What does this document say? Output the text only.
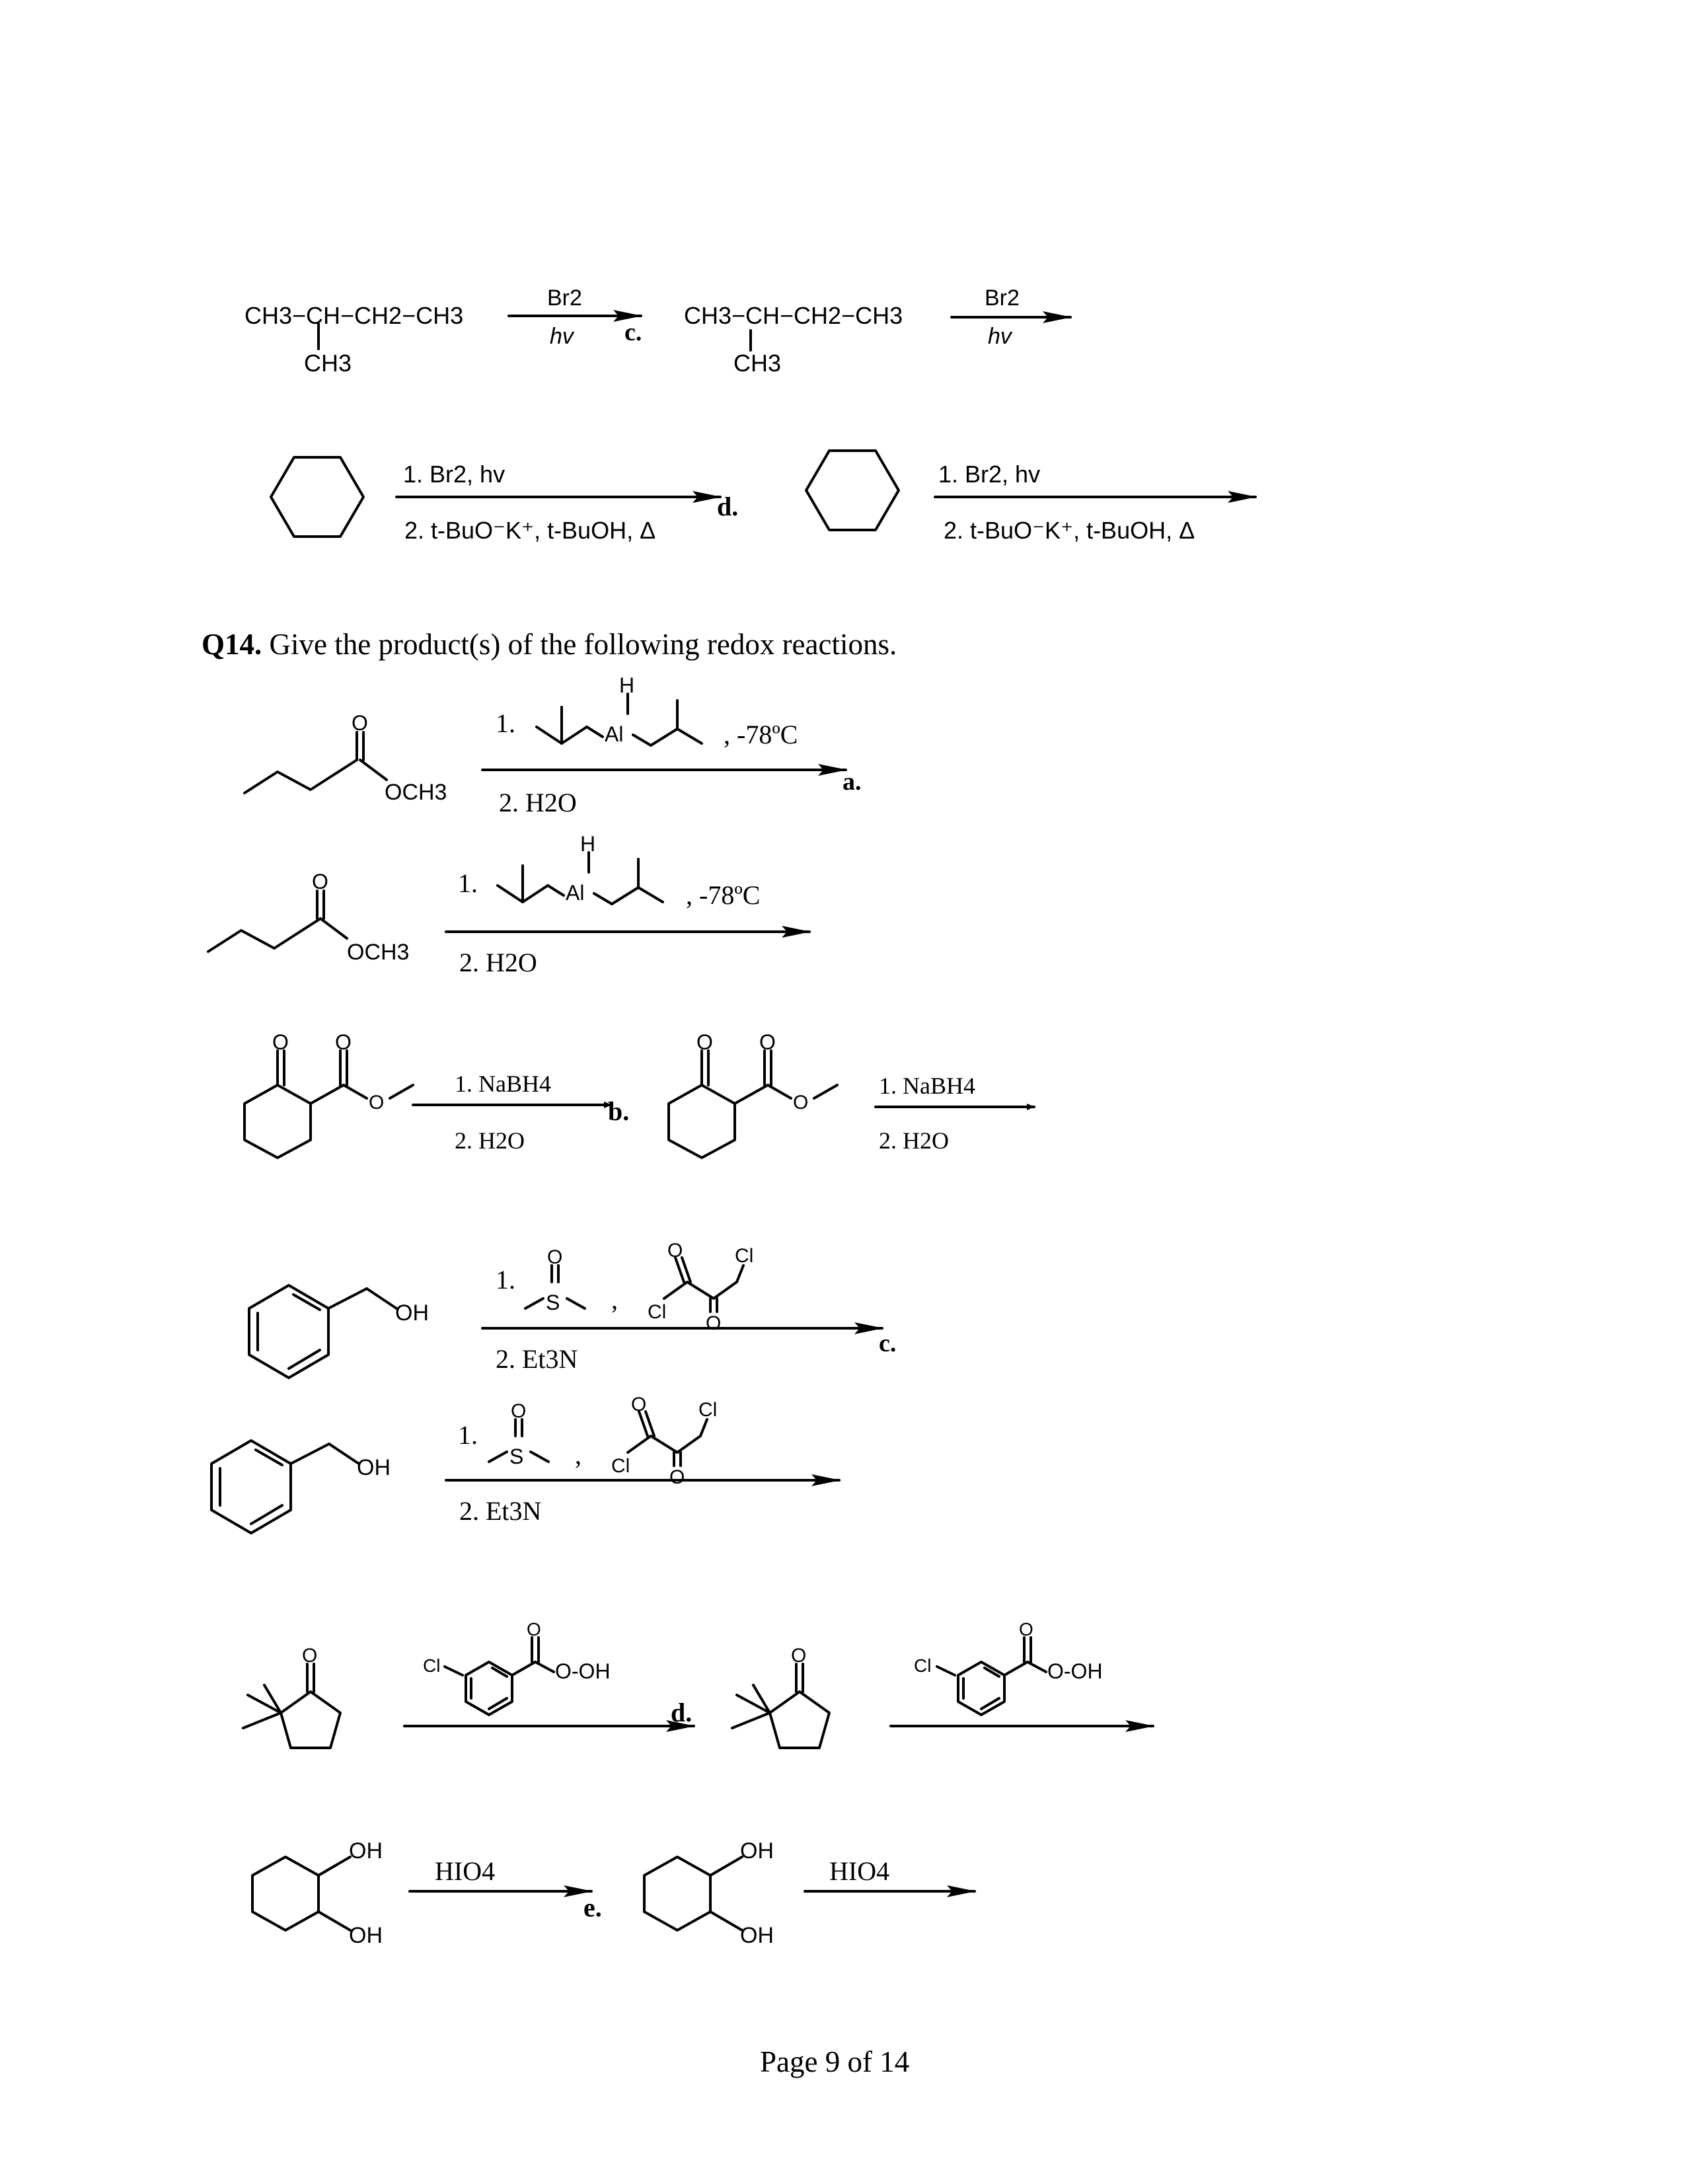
CH3−CH−CH2−CH3
CH3
Br2
hv c.
CH3−CH−CH2−CH3
CH3
Br2
hv
1. Br2, hv
2. t-BuO⁻K⁺, t-BuOH, Δ
d.
1. Br2, hv
2. t-BuO⁻K⁺, t-BuOH, Δ
Q14. Give the product(s) of the following redox reactions.
O
OCH3
1.
H
Al	, -78ºC
2. H2O
a.
O
OCH3
1.
H
Al	, -78ºC
2. H2O
O O
O
1. NaBH4
2. H2O
b.
O O
O
1. NaBH4
2. H2O
OH
1.
O
S , Cl
O
O
Cl
2. Et3N
c.
OH
1.
O
S , Cl
O
O
Cl
2. Et3N
O	Cl
O
O-OH
d.
O	Cl
O
O-OH
OH
OH
HIO4
e.
OH
OH
HIO4
Page 9 of 14
